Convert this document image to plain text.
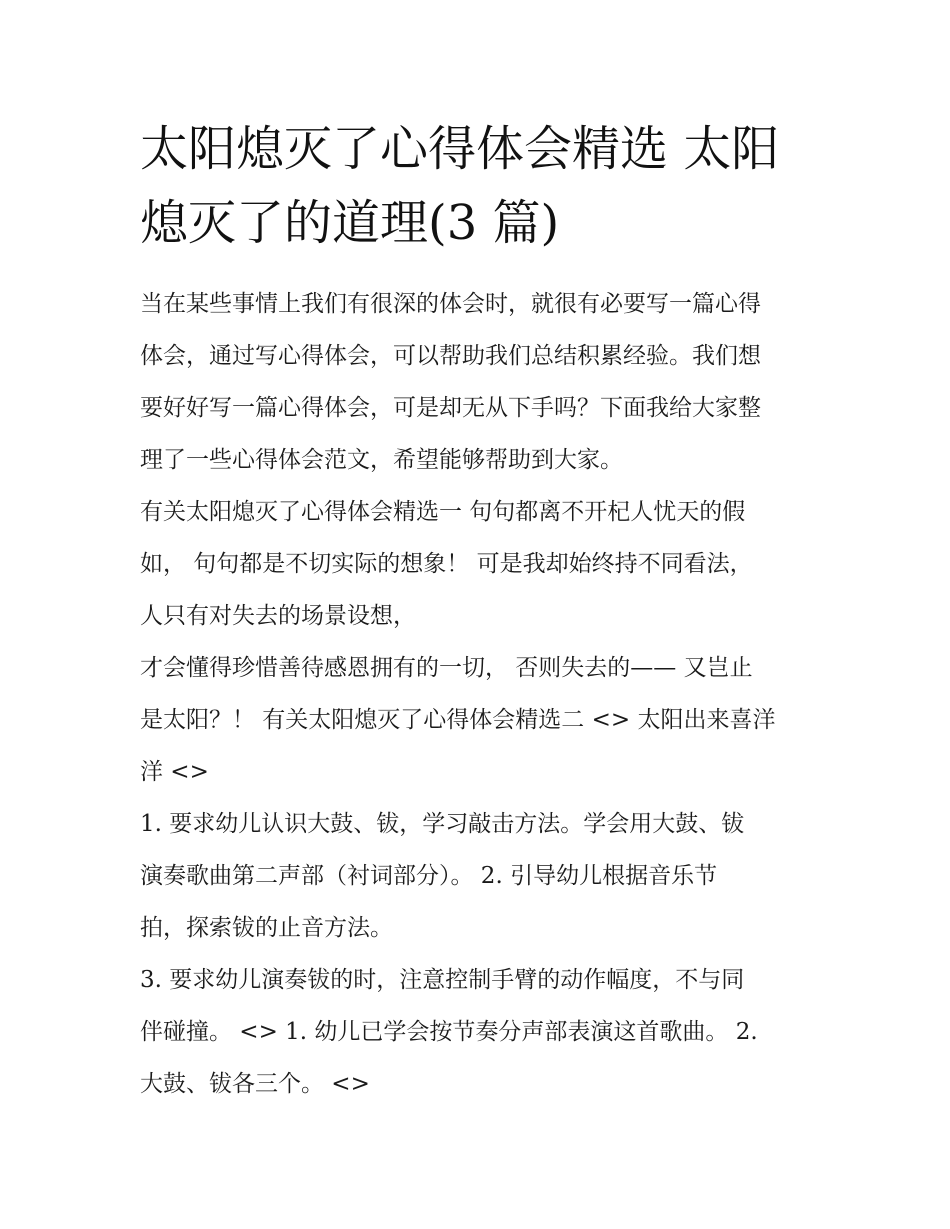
太阳熄灭了心得体会精选 太阳
熄灭了的道理(3 篇)

当在某些事情上我们有很深的体会时，就很有必要写一篇心得
体会，通过写心得体会，可以帮助我们总结积累经验。我们想
要好好写一篇心得体会，可是却无从下手吗？下面我给大家整
理了一些心得体会范文，希望能够帮助到大家。

有关太阳熄灭了心得体会精选一 句句都离不开杞人忧天的假
如， 句句都是不切实际的想象！ 可是我却始终持不同看法，
人只有对失去的场景设想，

才会懂得珍惜善待感恩拥有的一切， 否则失去的—— 又岂止
是太阳？！ 有关太阳熄灭了心得体会精选二 <> 太阳出来喜洋
洋 <>

1. 要求幼儿认识大鼓、钹，学习敲击方法。学会用大鼓、钹
演奏歌曲第二声部（衬词部分）。 2. 引导幼儿根据音乐节
拍，探索钹的止音方法。

3. 要求幼儿演奏钹的时，注意控制手臂的动作幅度，不与同
伴碰撞。 <> 1. 幼儿已学会按节奏分声部表演这首歌曲。 2.
大鼓、钹各三个。 <>
